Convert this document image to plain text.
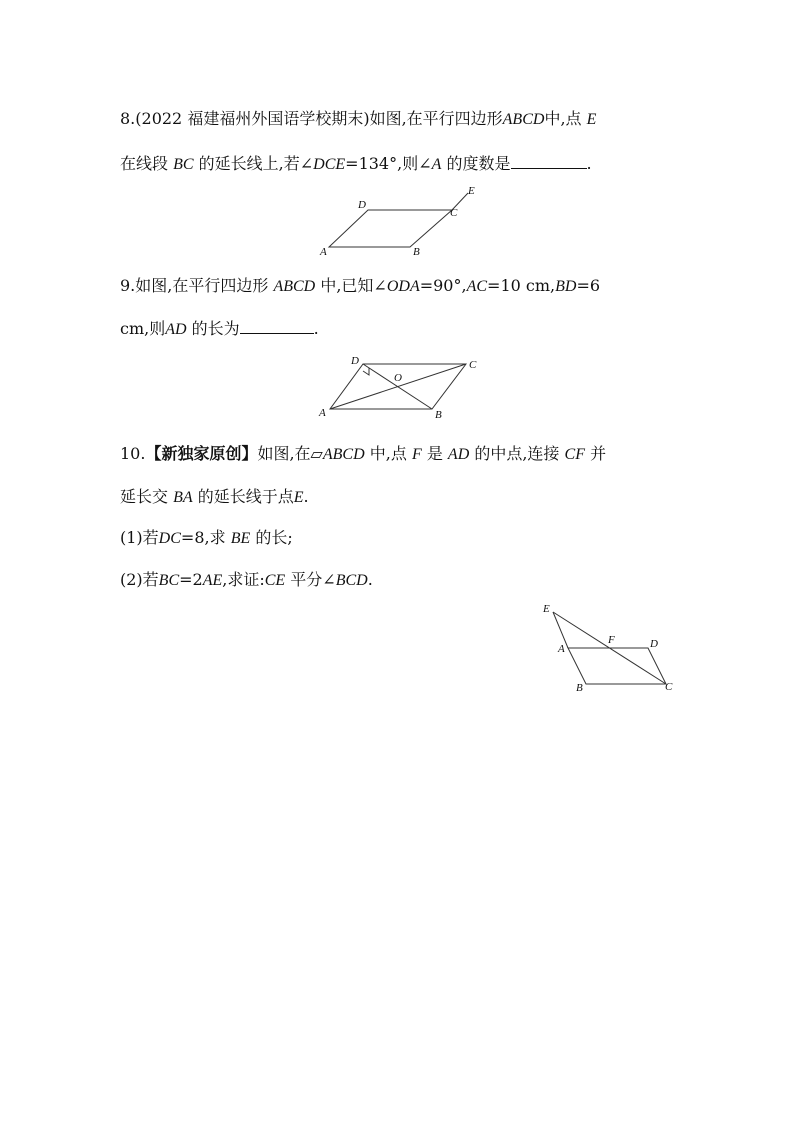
8.(2022 福建福州外国语学校期末)如图,在平行四边形ABCD中,点 E
在线段 BC 的延长线上,若∠DCE=134°,则∠A 的度数是	.
A	B
C
D
E
9.如图,在平行四边形 ABCD 中,已知∠ODA=90°,AC=10 cm,BD=6
cm,则AD 的长为	.
A	B
C
D
O
10.【新独家原创】如图,在▱ABCD 中,点 F 是 AD 的中点,连接 CF 并
延长交 BA 的延长线于点E.
(1)若DC=8,求 BE 的长;
(2)若BC=2AE,求证:CE 平分∠BCD.
E
A
B	C
D
F
